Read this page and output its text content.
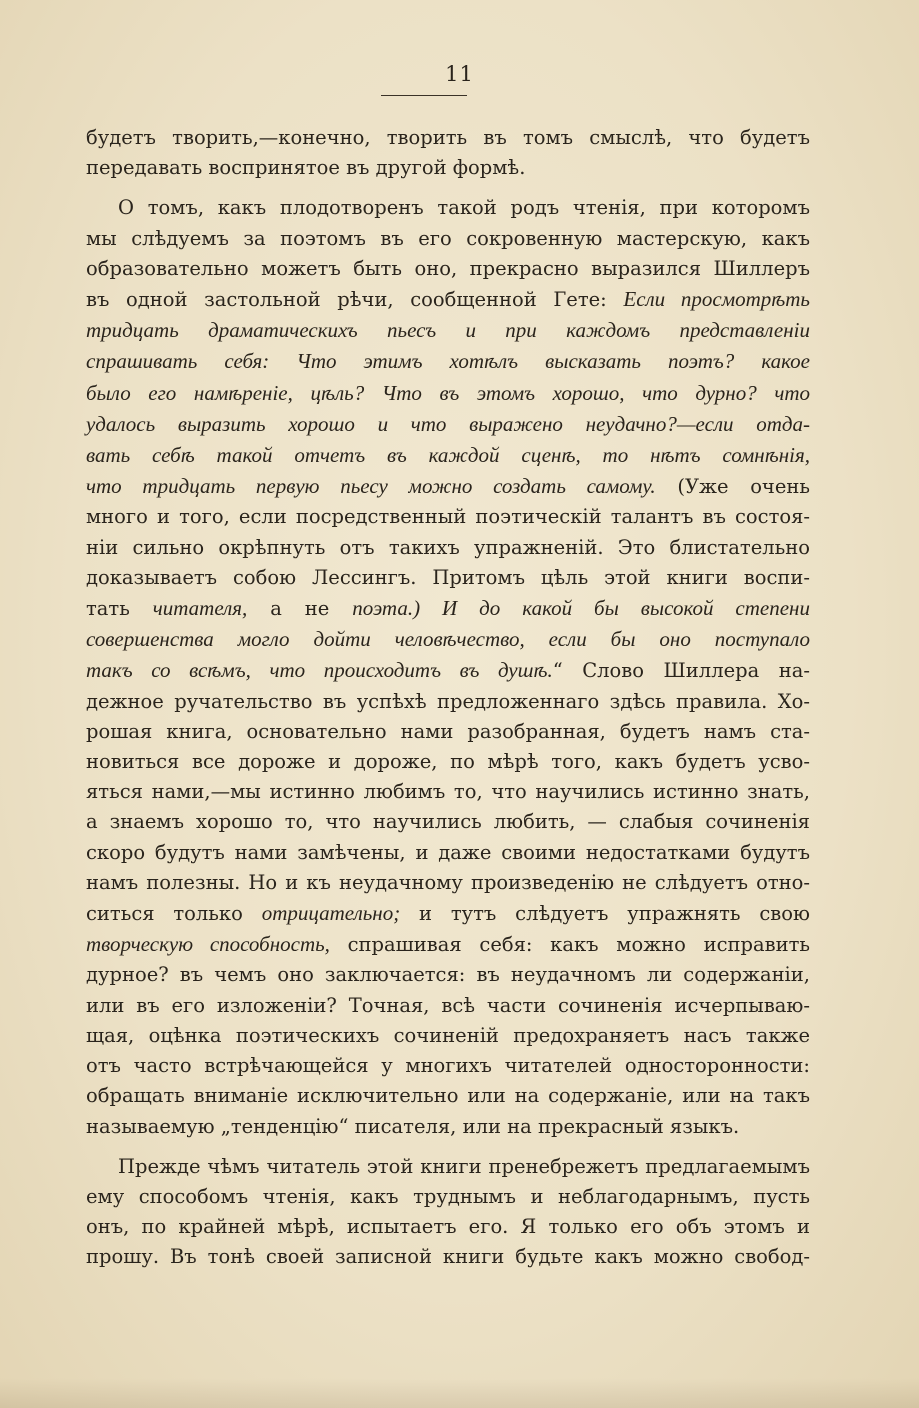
11
будетъ творить,—конечно, творить въ томъ смыслѣ, что будетъ
передавать воспринятое въ другой формѣ.
О томъ, какъ плодотворенъ такой родъ чтенія, при которомъ
мы слѣдуемъ за поэтомъ въ его сокровенную мастерскую, какъ
образовательно можетъ быть оно, прекрасно выразился Шиллеръ
въ одной застольной рѣчи, сообщенной Гете: Если просмотрѣть
тридцать драматическихъ пьесъ и при каждомъ представленіи
спрашивать себя: Что этимъ хотѣлъ высказать поэтъ? какое
было его намѣреніе, цѣль? Что въ этомъ хорошо, что дурно? что
удалось выразить хорошо и что выражено неудачно?—если отда-
вать себѣ такой отчетъ въ каждой сценѣ, то нѣтъ сомнѣнія,
что тридцать первую пьесу можно создать самому. (Уже очень
много и того, если посредственный поэтическій талантъ въ состоя-
ніи сильно окрѣпнуть отъ такихъ упражненій. Это блистательно
доказываетъ собою Лессингъ. Притомъ цѣль этой книги воспи-
тать читателя, а не поэта.) И до какой бы высокой степени
совершенства могло дойти человѣчество, если бы оно поступало
такъ со всѣмъ, что происходитъ въ душѣ.“ Слово Шиллера на-
дежное ручательство въ успѣхѣ предложеннаго здѣсь правила. Хо-
рошая книга, основательно нами разобранная, будетъ намъ ста-
новиться все дороже и дороже, по мѣрѣ того, какъ будетъ усво-
яться нами,—мы истинно любимъ то, что научились истинно знать,
а знаемъ хорошо то, что научились любить, — слабыя сочиненія
скоро будутъ нами замѣчены, и даже своими недостатками будутъ
намъ полезны. Но и къ неудачному произведенію не слѣдуетъ отно-
ситься только отрицательно; и тутъ слѣдуетъ упражнять свою
творческую способность, спрашивая себя: какъ можно исправить
дурное? въ чемъ оно заключается: въ неудачномъ ли содержаніи,
или въ его изложеніи? Точная, всѣ части сочиненія исчерпываю-
щая, оцѣнка поэтическихъ сочиненій предохраняетъ насъ также
отъ часто встрѣчающейся у многихъ читателей односторонности:
обращать вниманіе исключительно или на содержаніе, или на такъ
называемую „тенденцію“ писателя, или на прекрасный языкъ.
Прежде чѣмъ читатель этой книги пренебрежетъ предлагаемымъ
ему способомъ чтенія, какъ труднымъ и неблагодарнымъ, пусть
онъ, по крайней мѣрѣ, испытаетъ его. Я только его объ этомъ и
прошу. Въ тонѣ своей записной книги будьте какъ можно свобод-
